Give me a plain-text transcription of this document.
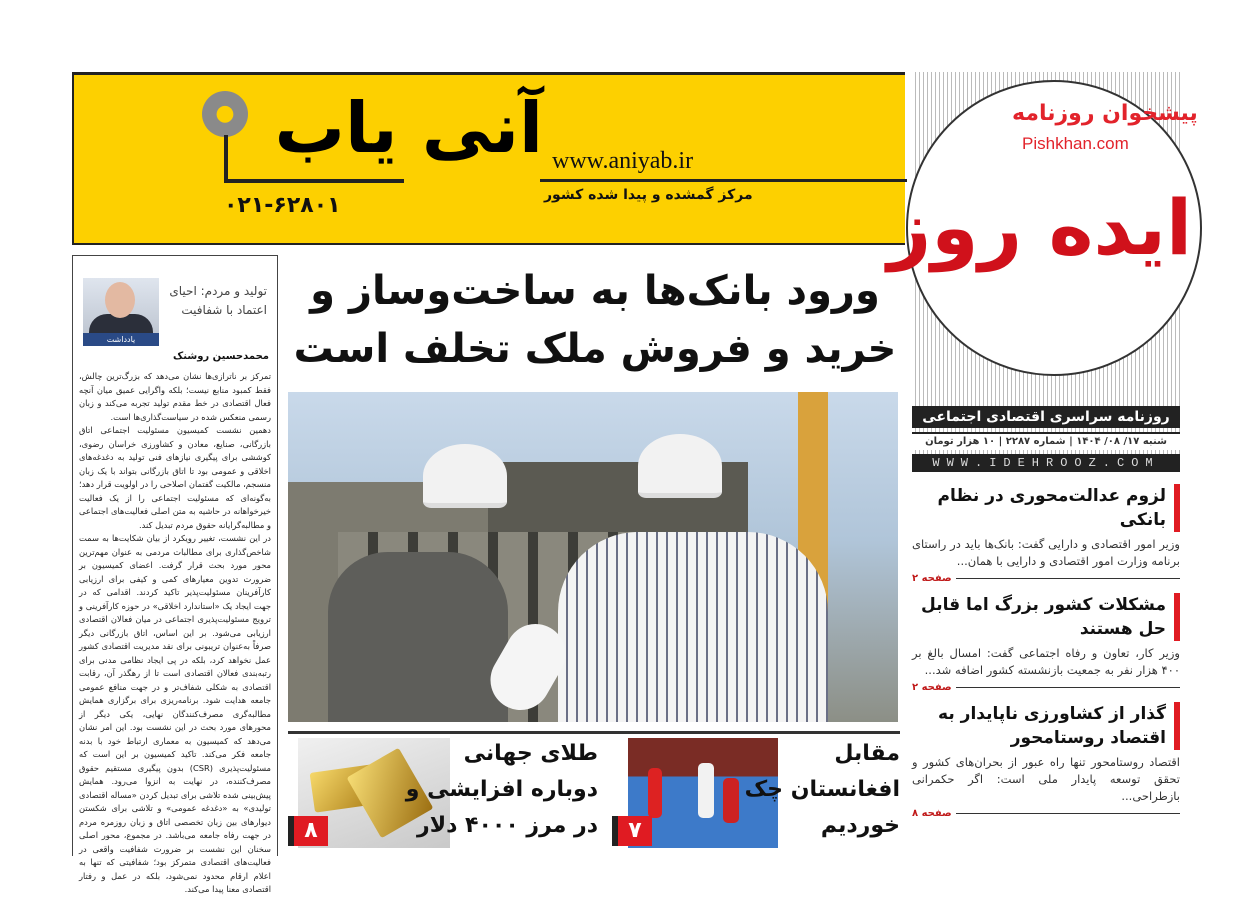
●
۰۲۱-۶۲۸۰۱
آنی یاب www.aniyab.ir
مرکز گمشده و پیدا شده کشور
پیشخوان روزنامه
Pishkhan.com
ایده روز
روزنامه سراسری اقتصادی اجتماعی
شنبه ۱۷/ ۰۸/ ۱۴۰۴ | شماره ۲۲۸۷ | ۱۰ هزار تومان
WWW.IDEHROOZ.COM
لزوم عدالت‌محوری در نظام بانکی

وزیر امور اقتصادی و دارایی گفت: بانک‌ها باید در راستای برنامه وزارت امور اقتصادی و دارایی با همان...

صفحه ۲
مشکلات کشور بزرگ اما قابل حل هستند

وزیر کار، تعاون و رفاه اجتماعی گفت: امسال بالغ بر ۴۰۰ هزار نفر به جمعیت بازنشسته کشور اضافه شد...

صفحه ۲
گذار از کشاورزی ناپایدار به اقتصاد روستامحور

اقتصاد روستامحور تنها راه عبور از بحران‌های کشور و تحقق توسعه پایدار ملی است: اگر حکمرانی بازطراحی...

صفحه ۸
یادداشت
تولید و مردم: احیای اعتماد با شفافیت
محمدحسین روشنک

تمرکز بر ناترازی‌ها نشان می‌دهد که بزرگ‌ترین چالش، فقط کمبود منابع نیست؛ بلکه واگرایی عمیق میان آنچه فعال اقتصادی در خط مقدم تولید تجربه می‌کند و زبان رسمی منعکس شده در سیاست‌گذاری‌ها است.

دهمین نشست کمیسیون مسئولیت اجتماعی اتاق بازرگانی، صنایع، معادن و کشاورزی خراسان رضوی، کوششی برای پیگیری نیازهای فنی تولید به دغدغه‌های اخلاقی و عمومی بود تا اتاق بازرگانی بتواند با یک زبان منسجم، مالکیت گفتمان اصلاحی را در اولویت قرار دهد؛ به‌گونه‌ای که مسئولیت اجتماعی را از یک فعالیت خیرخواهانه در حاشیه به متن اصلی فعالیت‌های اجتماعی و مطالبه‌گرایانه حقوق مردم تبدیل کند.

در این نشست، تغییر رویکرد از بیان شکایت‌ها به سمت شاخص‌گذاری برای مطالبات مردمی به عنوان مهم‌ترین محور مورد بحث قرار گرفت. اعضای کمیسیون بر ضرورت تدوین معیارهای کمی و کیفی برای ارزیابی کارآفرینان مسئولیت‌پذیر تاکید کردند. اقدامی که در جهت ایجاد یک «استاندارد اخلاقی» در حوزه کارآفرینی و ترویج مسئولیت‌پذیری اجتماعی در میان فعالان اقتصادی ارزیابی می‌شود. بر این اساس، اتاق بازرگانی دیگر صرفاً به‌عنوان تریبونی برای نقد مدیریت اقتصادی کشور عمل نخواهد کرد، بلکه در پی ایجاد نظامی مدنی برای رتبه‌بندی فعالان اقتصادی است تا از رهگذر آن، رقابت اقتصادی به شکلی شفاف‌تر و در جهت منافع عمومی جامعه هدایت شود. برنامه‌ریزی برای برگزاری همایش مطالبه‌گری مصرف‌کنندگان نهایی، یکی دیگر از محورهای مورد بحث در این نشست بود. این امر نشان می‌دهد که کمیسیون به معماری ارتباط خود با بدنه جامعه فکر می‌کند. تاکید کمیسیون بر این است که مسئولیت‌پذیری (CSR) بدون پیگیری مستقیم حقوق مصرف‌کننده، در نهایت به انزوا می‌رود. همایش پیش‌بینی شده تلاشی برای تبدیل کردن «مساله اقتصادی تولیدی» به «دغدغه عمومی» و تلاشی برای شکستن دیوارهای بین زبان تخصصی اتاق و زبان روزمره مردم در جهت رفاه جامعه می‌باشد. در مجموع، محور اصلی سخنان این نشست بر ضرورت شفافیت واقعی در فعالیت‌های اقتصادی متمرکز بود؛ شفافیتی که تنها به اعلام ارقام محدود نمی‌شود، بلکه در عمل و رفتار اقتصادی معنا پیدا می‌کند.

ورود بانک‌ها به ساخت‌وساز و
خرید و فروش ملک تخلف است
۷
مقابل
افغانستان چک
خوردیم
۸
طلای جهانی
دوباره افزایشی و
در مرز ۴۰۰۰ دلار
